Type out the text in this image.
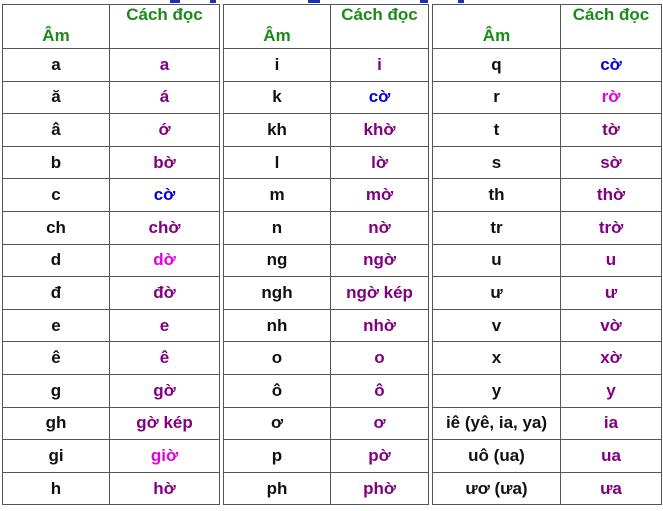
Âm	Cách đọc

a	a
ă	á
â	ớ
b	bờ
c	cờ
ch	chờ
d	dờ
đ	đờ
e	e
ê	ê
g	gờ
gh	gờ kép
gi	giờ
h	hờ
Âm	Cách đọc

i	i
k	cờ
kh	khờ
l	lờ
m	mờ
n	nờ
ng	ngờ
ngh	ngờ kép
nh	nhờ
o	o
ô	ô
ơ	ơ
p	pờ
ph	phờ
Âm	Cách đọc

q	cờ
r	rờ
t	tờ
s	sờ
th	thờ
tr	trờ
u	u
ư	ư
v	vờ
x	xờ
y	y
iê (yê, ia, ya)	ia
uô (ua)	ua
ươ (ưa)	ưa
